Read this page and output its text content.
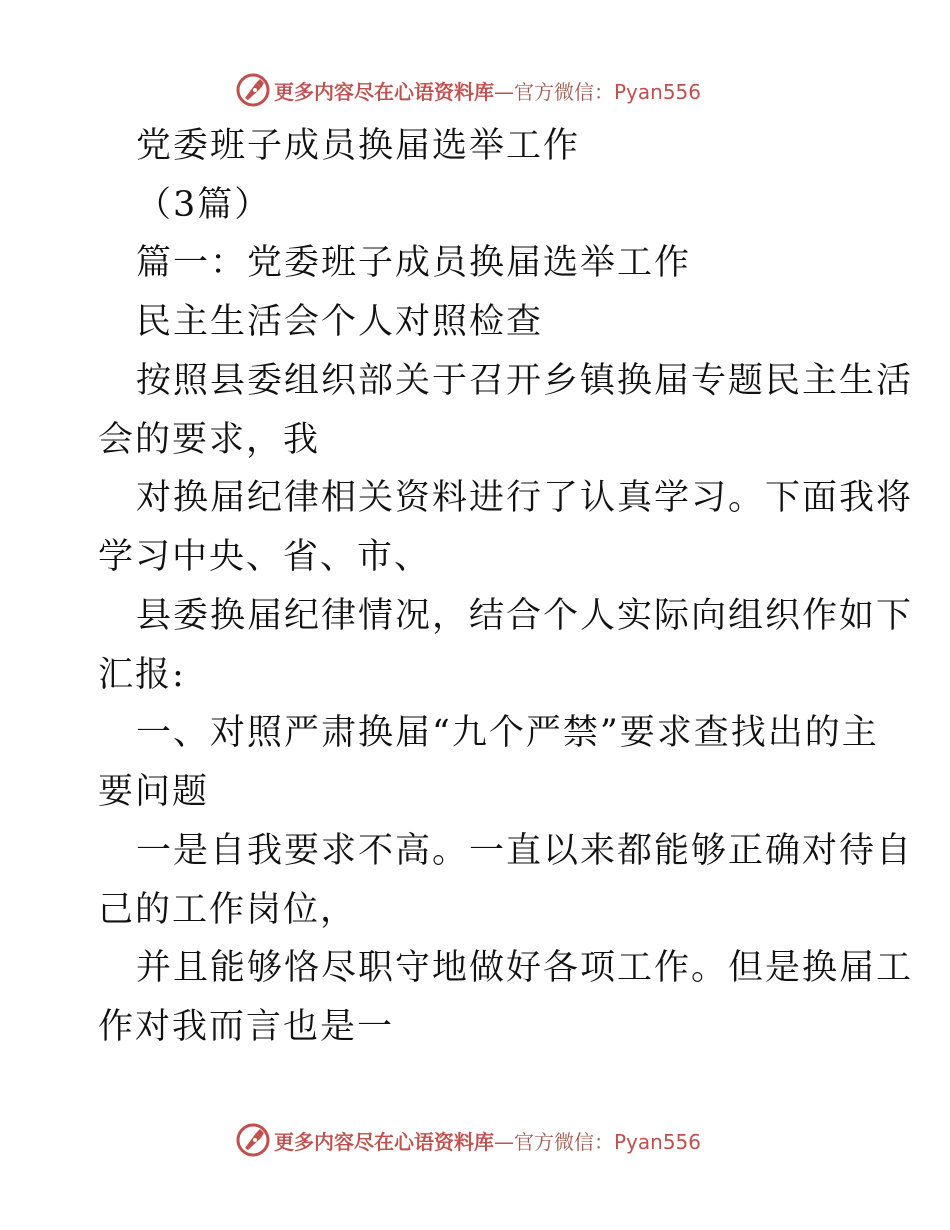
更多内容尽在心语资料库—官方微信：Pyan556
党委班子成员换届选举工作
（3篇）
篇一：党委班子成员换届选举工作
民主生活会个人对照检查
按照县委组织部关于召开乡镇换届专题民主生活
会的要求，我
对换届纪律相关资料进行了认真学习。下面我将
学习中央、省、市、
县委换届纪律情况，结合个人实际向组织作如下
汇报:
一、对照严肃换届“九个严禁”要求查找出的主
要问题
一是自我要求不高。一直以来都能够正确对待自
己的工作岗位，
并且能够恪尽职守地做好各项工作。但是换届工
作对我而言也是一
更多内容尽在心语资料库—官方微信：Pyan556
